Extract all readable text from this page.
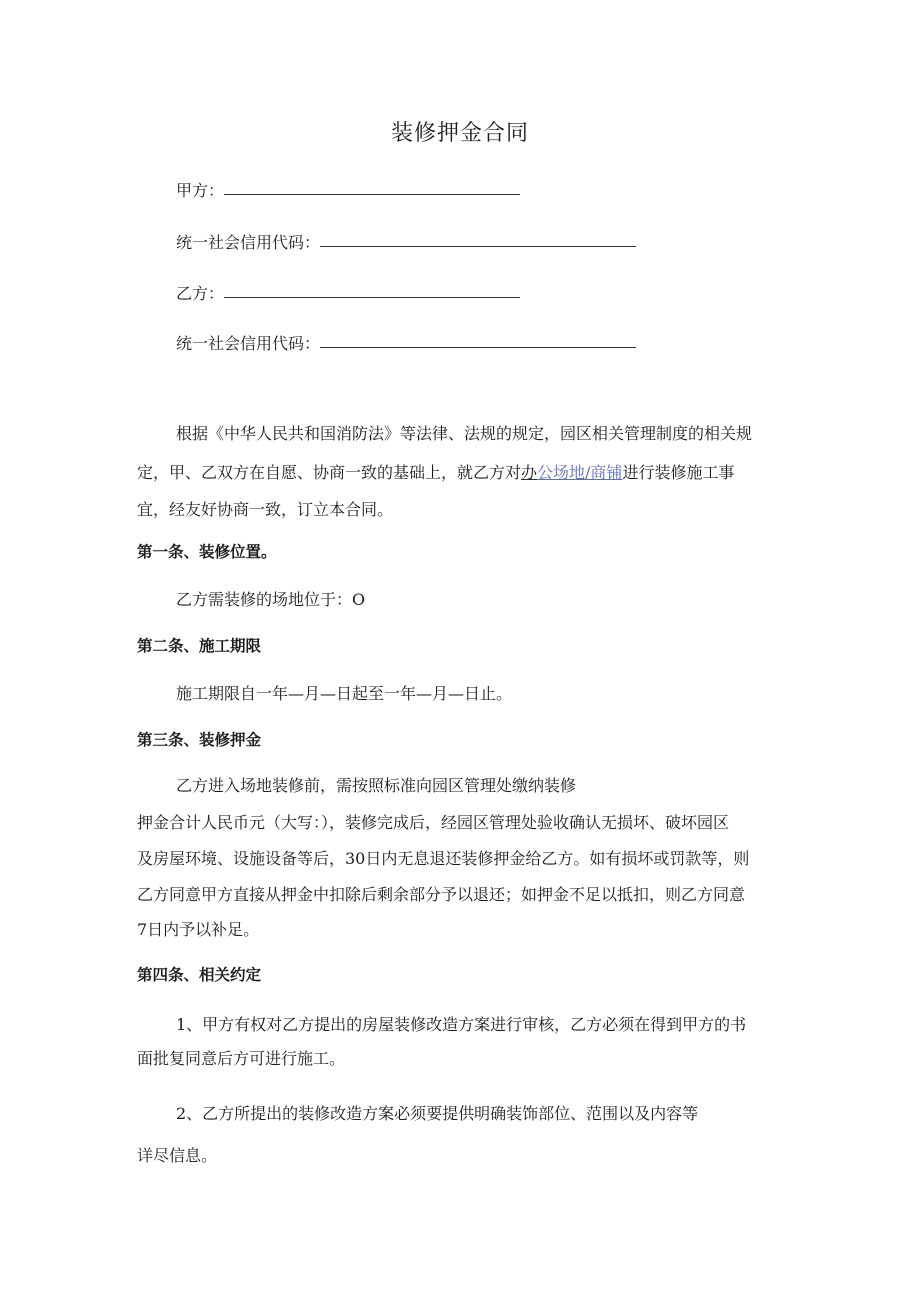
装修押金合同
甲方：
统一社会信用代码：
乙方：
统一社会信用代码：
根据《中华人民共和国消防法》等法律、法规的规定，园区相关管理制度的相关规
定，甲、乙双方在自愿、协商一致的基础上，就乙方对办公场地/商铺进行装修施工事
宜，经友好协商一致，订立本合同。
第一条、装修位置。
乙方需装修的场地位于：O
第二条、施工期限
施工期限自一年—月—日起至一年—月—日止。
第三条、装修押金
乙方进入场地装修前，需按照标准向园区管理处缴纳装修
押金合计人民币元（大写：），装修完成后，经园区管理处验收确认无损坏、破坏园区
及房屋环境、设施设备等后，30日内无息退还装修押金给乙方。如有损坏或罚款等，则
乙方同意甲方直接从押金中扣除后剩余部分予以退还；如押金不足以抵扣，则乙方同意
7日内予以补足。
第四条、相关约定
1、甲方有权对乙方提出的房屋装修改造方案进行审核，乙方必须在得到甲方的书
面批复同意后方可进行施工。
2、乙方所提出的装修改造方案必须要提供明确装饰部位、范围以及内容等
详尽信息。
